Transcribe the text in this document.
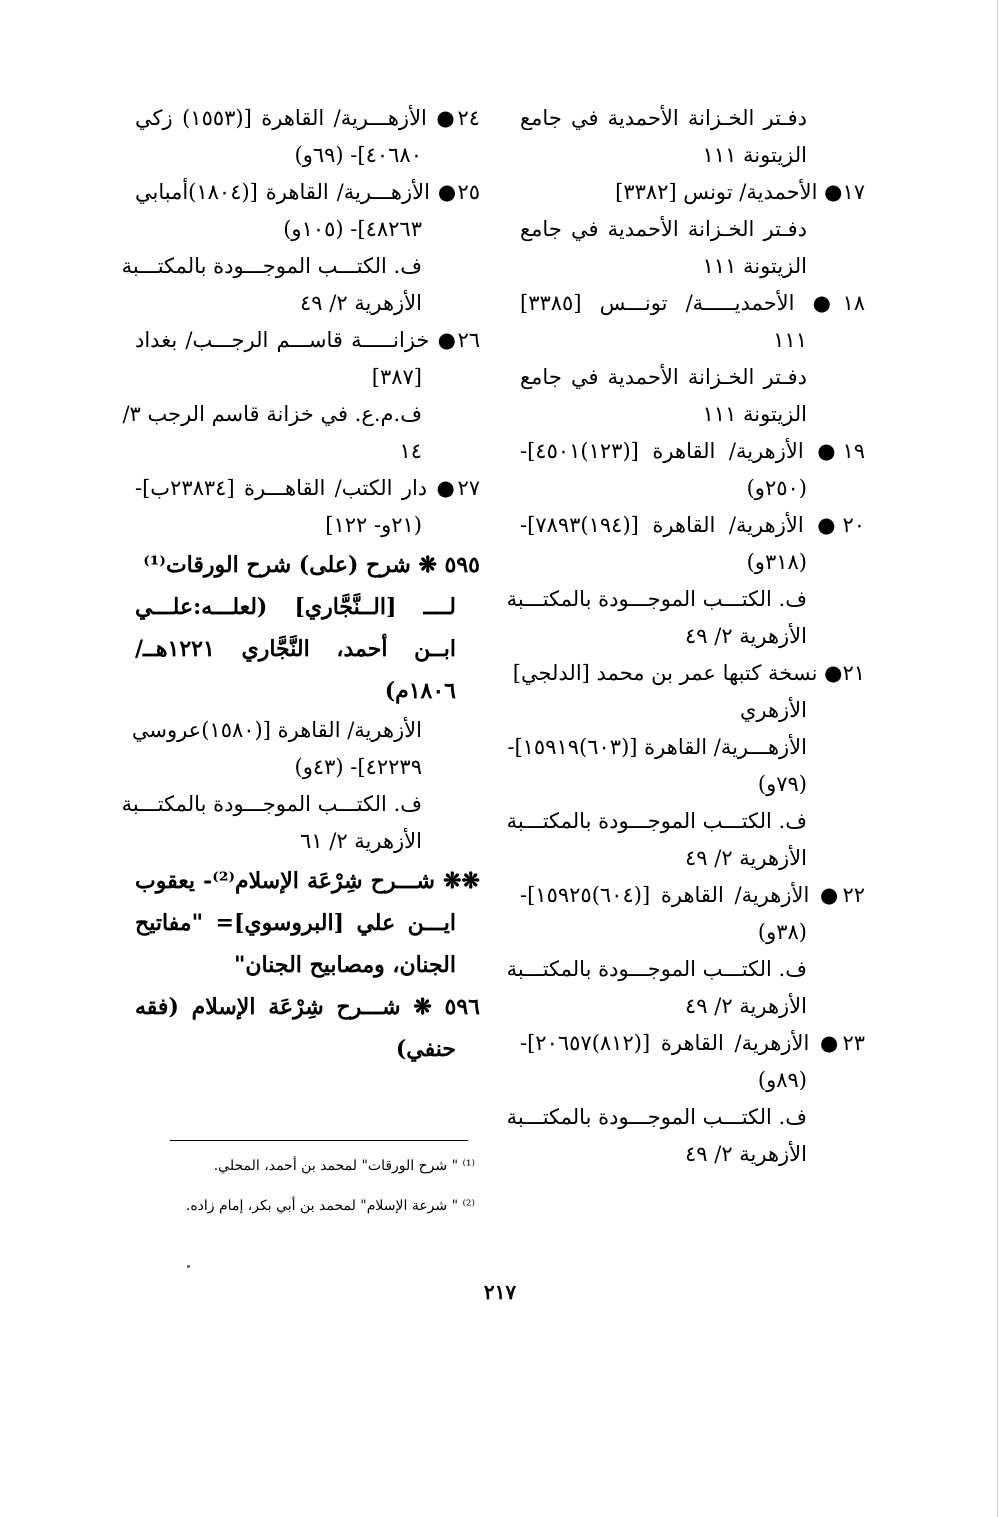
دفـتر الخـزانة الأحمدية في جامع
الزيتونة ١١١
١٧● الأحمدية/ تونس [٣٣٨٢]
دفـتر الخـزانة الأحمدية في جامع
الزيتونة ١١١
١٨● الأحمديـــــة/ تونـــس [٣٣٨٥]
١١١
دفـتر الخـزانة الأحمدية في جامع
الزيتونة ١١١
١٩● الأزهرية/ القاهرة [(١٢٣)٤٥٠١]-
(٢٥٠و)
٢٠● الأزهرية/ القاهرة [(١٩٤)٧٨٩٣]-
(٣١٨و)
ف. الكتـــب الموجـــودة بالمكتـــبة
الأزهرية ٢/ ٤٩
٢١● نسخة كتبها عمر بن محمد [الدلجي]
الأزهري
الأزهـــرية/ القاهرة [(٦٠٣)١٥٩١٩]-
(٧٩و)
ف. الكتـــب الموجـــودة بالمكتـــبة
الأزهرية ٢/ ٤٩
٢٢● الأزهرية/ القاهرة [(٦٠٤)١٥٩٢٥]-
(٣٨و)
ف. الكتـــب الموجـــودة بالمكتـــبة
الأزهرية ٢/ ٤٩
٢٣● الأزهرية/ القاهرة [(٨١٢)٢٠٦٥٧]-
(٨٩و)
ف. الكتـــب الموجـــودة بالمكتـــبة
الأزهرية ٢/ ٤٩
٢٤● الأزهـــرية/ القاهرة [(١٥٥٣) زكي
٤٠٦٨٠]- (٦٩و)
٢٥● الأزهـــرية/ القاهرة [(١٨٠٤)أمبابي
٤٨٢٦٣]- (١٠٥و)
ف. الكتـــب الموجـــودة بالمكتـــبة
الأزهرية ٢/ ٤٩
٢٦● خزانـــــة قاســـم الرجـــب/ بغداد
[٣٨٧]
ف.م.ع. في خزانة قاسم الرجب ٣/
١٤
٢٧● دار الكتب/ القاهـــرة [٢٣٨٣٤ب]-
(٢١و- ١٢٢]
٥٩٥ ❋ شرح (على) شرح الورقات⁽¹⁾
لــــ [الــنَّجَّاري] (لعلـــه:علـــي
ابــن أحمد، النَّجَّاري ١٢٢١هــ/
١٨٠٦م)
الأزهرية/ القاهرة [(١٥٨٠)عروسي
٤٢٢٣٩]- (٤٣و)
ف. الكتـــب الموجـــودة بالمكتـــبة
الأزهرية ٢/ ٦١
❋❋ شـــرح شِرْعَة الإسلام⁽²⁾- يعقوب
ايـــن علي [البروسوي]= "مفاتيح
الجنان، ومصابيح الجنان"
٥٩٦ ❋ شـــرح شِرْعَة الإسلام (فقه
حنفي)
⁽¹⁾ " شرح الورقات" لمحمد بن أحمد، المحلي.
⁽²⁾ " شرعة الإسلام" لمحمد بن أبي بكر، إمام زاده.
٢١٧
